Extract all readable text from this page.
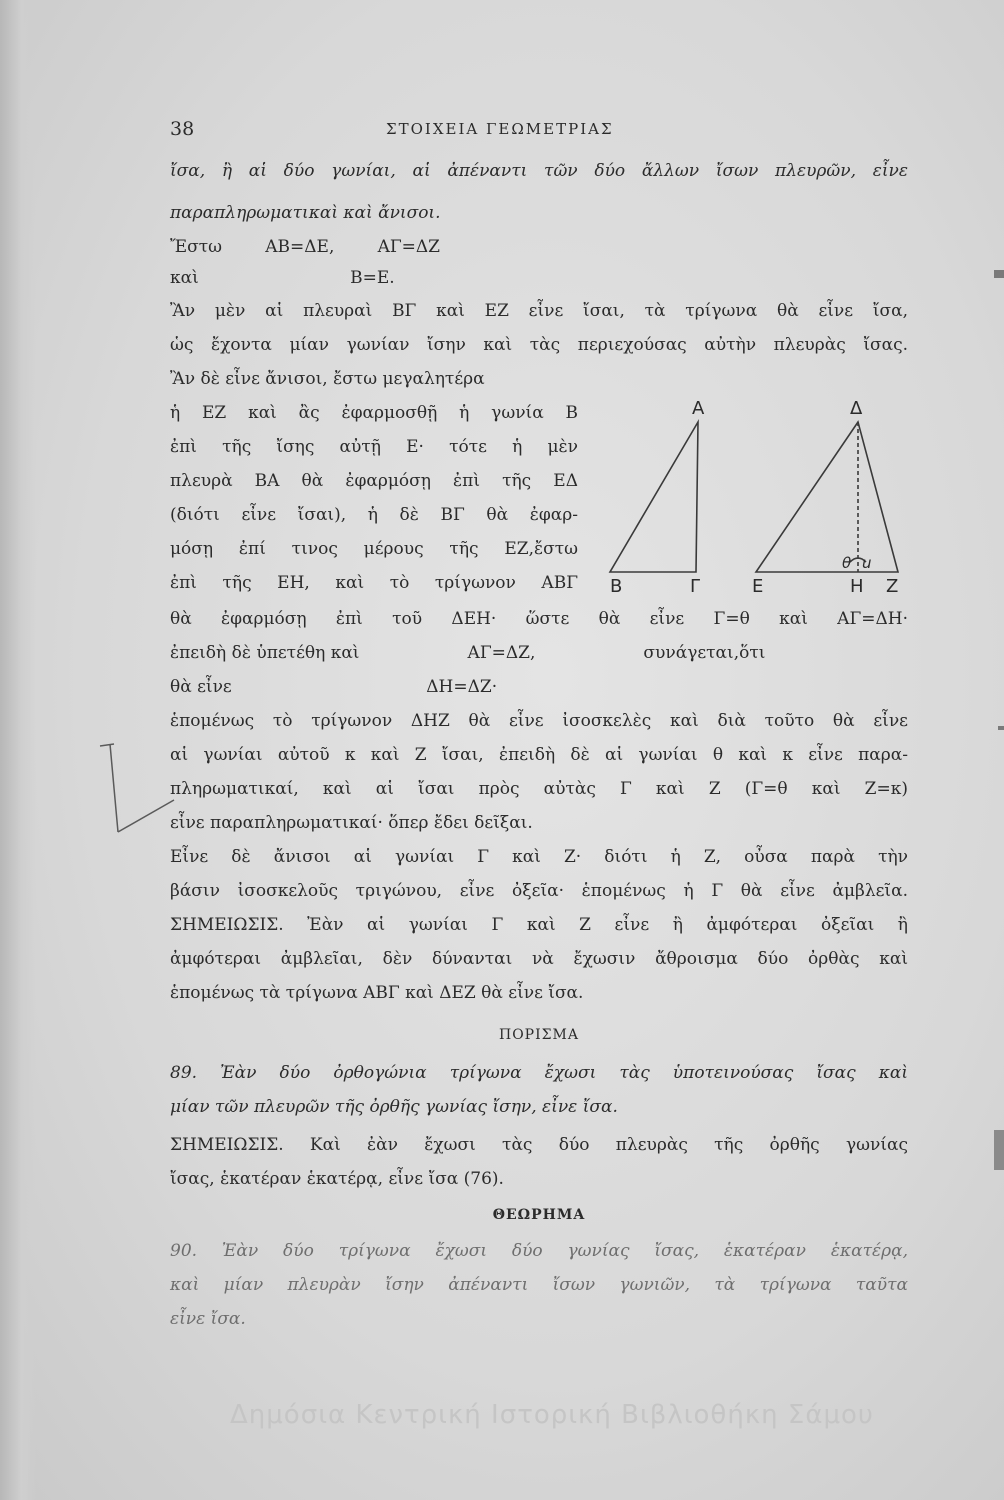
38	ΣΤΟΙΧΕΙΑ ΓΕΩΜΕΤΡΙΑΣ
ἴσα, ἢ αἱ δύο γωνίαι, αἱ ἀπέναντι τῶν δύο ἄλλων ἴσων πλευρῶν, εἶνε
παραπληρωματικαὶ καὶ ἄνισοι.
Ἔστω        ΑΒ=ΔΕ,        ΑΓ=ΔΖ
καὶ                            Β=Ε.
Ἂν μὲν αἱ πλευραὶ ΒΓ καὶ ΕΖ εἶνε ἴσαι, τὰ τρίγωνα θὰ εἶνε ἴσα,
ὡς ἔχοντα μίαν γωνίαν ἴσην καὶ τὰς περιεχούσας αὐτὴν πλευρὰς ἴσας.
Ἂν δὲ εἶνε ἄνισοι, ἔστω μεγαλητέρα
ἡ ΕΖ καὶ ἂς ἐφαρμοσθῇ ἡ γωνία Β
ἐπὶ τῆς ἴσης αὐτῇ Ε· τότε ἡ μὲν
πλευρὰ ΒΑ θὰ ἐφαρμόσῃ ἐπὶ τῆς ΕΔ
(διότι εἶνε ἴσαι), ἡ δὲ ΒΓ θὰ ἐφαρ-
μόσῃ ἐπί τινος μέρους τῆς ΕΖ,ἔστω
ἐπὶ τῆς ΕΗ, καὶ τὸ τρίγωνον ΑΒΓ
Α
Β	Γ
Δ
Ε	Η Ζ
θ u
θὰ ἐφαρμόσῃ ἐπὶ τοῦ ΔΕΗ· ὥστε θὰ εἶνε Γ=θ καὶ ΑΓ=ΔΗ·
ἐπειδὴ δὲ ὑπετέθη καὶ                    ΑΓ=ΔΖ,                    συνάγεται,ὅτι
θὰ εἶνε                                    ΔΗ=ΔΖ·
ἑπομένως τὸ τρίγωνον ΔΗΖ θὰ εἶνε ἰσοσκελὲς καὶ διὰ τοῦτο θὰ εἶνε
αἱ γωνίαι αὐτοῦ κ καὶ Ζ ἴσαι, ἐπειδὴ δὲ αἱ γωνίαι θ καὶ κ εἶνε παρα-
πληρωματικαί, καὶ αἱ ἴσαι πρὸς αὐτὰς Γ καὶ Ζ (Γ=θ καὶ Ζ=κ)
εἶνε παραπληρωματικαί· ὅπερ ἔδει δεῖξαι.
Εἶνε δὲ ἄνισοι αἱ γωνίαι Γ καὶ Ζ· διότι ἡ Ζ, οὖσα παρὰ τὴν
βάσιν ἰσοσκελοῦς τριγώνου, εἶνε ὀξεῖα· ἑπομένως ἡ Γ θὰ εἶνε ἀμβλεῖα.
ΣΗΜΕΙΩΣΙΣ. Ἐὰν αἱ γωνίαι Γ καὶ Ζ εἶνε ἢ ἀμφότεραι ὀξεῖαι ἢ
ἀμφότεραι ἀμβλεῖαι, δὲν δύνανται νὰ ἔχωσιν ἄθροισμα δύο ὀρθὰς καὶ
ἑπομένως τὰ τρίγωνα ΑΒΓ καὶ ΔΕΖ θὰ εἶνε ἴσα.
ΠΟΡΙΣΜΑ
89. Ἐὰν δύο ὀρθογώνια τρίγωνα ἔχωσι τὰς ὑποτεινούσας ἴσας καὶ
μίαν τῶν πλευρῶν τῆς ὀρθῆς γωνίας ἴσην, εἶνε ἴσα.
ΣΗΜΕΙΩΣΙΣ. Καὶ ἐὰν ἔχωσι τὰς δύο πλευρὰς τῆς ὀρθῆς γωνίας
ἴσας, ἑκατέραν ἑκατέρᾳ, εἶνε ἴσα (76).
ΘΕΩΡΗΜΑ
90. Ἐὰν δύο τρίγωνα ἔχωσι δύο γωνίας ἴσας, ἑκατέραν ἑκατέρᾳ,
καὶ μίαν πλευρὰν ἴσην ἀπέναντι ἴσων γωνιῶν, τὰ τρίγωνα ταῦτα
εἶνε ἴσα.
Δημόσια Κεντρική Ιστορική Βιβλιοθήκη Σάμου
